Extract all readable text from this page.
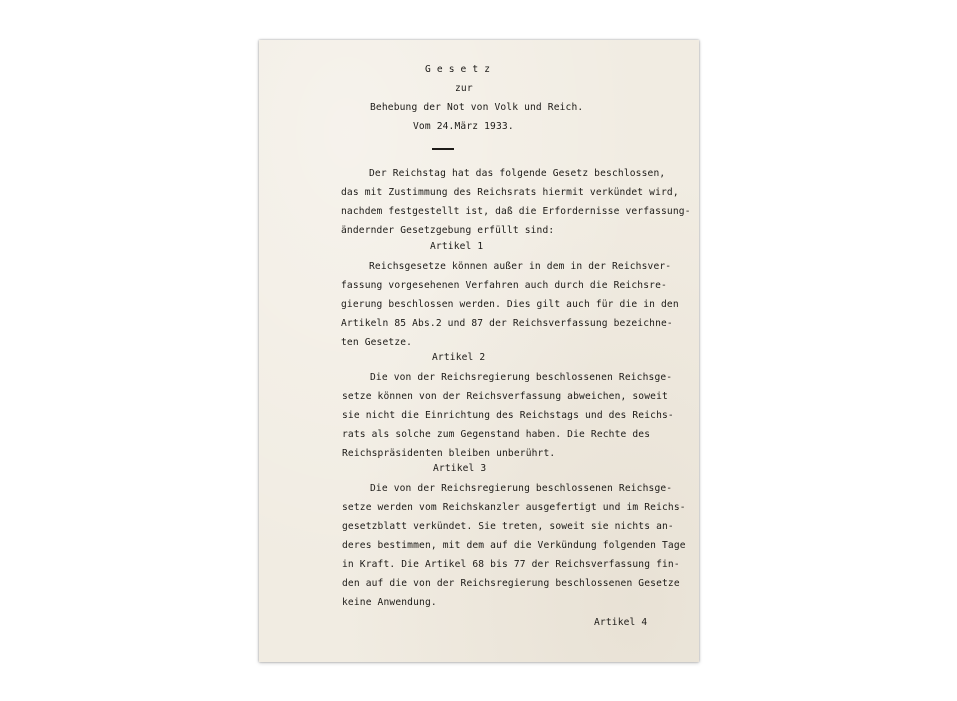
G e s e t z
zur
Behebung der Not von Volk und Reich.
Vom 24.März 1933.
Der Reichstag hat das folgende Gesetz beschlossen,
das mit Zustimmung des Reichsrats hiermit verkündet wird,
nachdem festgestellt ist, daß die Erfordernisse verfassung-
ändernder Gesetzgebung erfüllt sind:
Artikel 1
Reichsgesetze können außer in dem in der Reichsver-
fassung vorgesehenen Verfahren auch durch die Reichsre-
gierung beschlossen werden. Dies gilt auch für die in den
Artikeln 85 Abs.2 und 87 der Reichsverfassung bezeichne-
ten Gesetze.
Artikel 2
Die von der Reichsregierung beschlossenen Reichsge-
setze können von der Reichsverfassung abweichen, soweit
sie nicht die Einrichtung des Reichstags und des Reichs-
rats als solche zum Gegenstand haben. Die Rechte des
Reichspräsidenten bleiben unberührt.
Artikel 3
Die von der Reichsregierung beschlossenen Reichsge-
setze werden vom Reichskanzler ausgefertigt und im Reichs-
gesetzblatt verkündet. Sie treten, soweit sie nichts an-
deres bestimmen, mit dem auf die Verkündung folgenden Tage
in Kraft. Die Artikel 68 bis 77 der Reichsverfassung fin-
den auf die von der Reichsregierung beschlossenen Gesetze
keine Anwendung.
Artikel 4
